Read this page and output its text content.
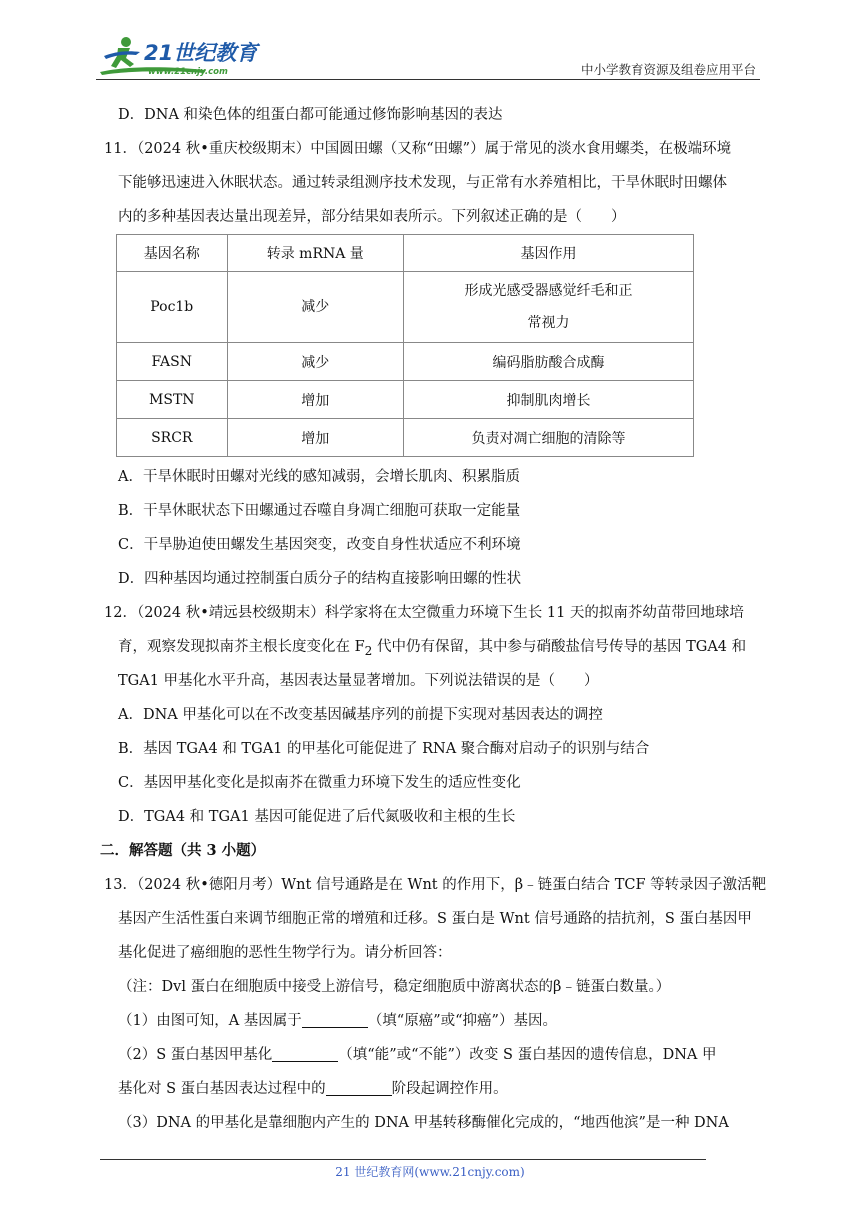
21世纪教育
www.21cnjy.com	中小学教育资源及组卷应用平台
D．DNA 和染色体的组蛋白都可能通过修饰影响基因的表达
11．（2024 秋•重庆校级期末）中国圆田螺（又称“田螺”）属于常见的淡水食用螺类，在极端环境
下能够迅速进入休眠状态。通过转录组测序技术发现，与正常有水养殖相比，干旱休眠时田螺体
内的多种基因表达量出现差异，部分结果如表所示。下列叙述正确的是（　　）
基因名称	转录 mRNA 量	基因作用
Poc1b	减少	形成光感受器感觉纤毛和正
常视力
FASN	减少	编码脂肪酸合成酶
MSTN	增加	抑制肌肉增长
SRCR	增加	负责对凋亡细胞的清除等
A．干旱休眠时田螺对光线的感知减弱，会增长肌肉、积累脂质
B．干旱休眠状态下田螺通过吞噬自身凋亡细胞可获取一定能量
C．干旱胁迫使田螺发生基因突变，改变自身性状适应不利环境
D．四种基因均通过控制蛋白质分子的结构直接影响田螺的性状
12．（2024 秋•靖远县校级期末）科学家将在太空微重力环境下生长 11 天的拟南芥幼苗带回地球培
育，观察发现拟南芥主根长度变化在 $F_2$ 代中仍有保留，其中参与硝酸盐信号传导的基因 TGA4 和
TGA1 甲基化水平升高，基因表达量显著增加。下列说法错误的是（　　）
A．DNA 甲基化可以在不改变基因碱基序列的前提下实现对基因表达的调控
B．基因 TGA4 和 TGA1 的甲基化可能促进了 RNA 聚合酶对启动子的识别与结合
C．基因甲基化变化是拟南芥在微重力环境下发生的适应性变化
D．TGA4 和 TGA1 基因可能促进了后代氮吸收和主根的生长
二．解答题（共 3 小题）
13．（2024 秋•德阳月考）Wnt 信号通路是在 Wnt 的作用下，β﹣链蛋白结合 TCF 等转录因子激活靶
基因产生活性蛋白来调节细胞正常的增殖和迁移。S 蛋白是 Wnt 信号通路的拮抗剂，S 蛋白基因甲
基化促进了癌细胞的恶性生物学行为。请分析回答：
（注：Dvl 蛋白在细胞质中接受上游信号，稳定细胞质中游离状态的β﹣链蛋白数量。）
（1）由图可知，A 基因属于	（填“原癌”或“抑癌”）基因。
（2）S 蛋白基因甲基化	（填“能”或“不能”）改变 S 蛋白基因的遗传信息，DNA 甲
基化对 S 蛋白基因表达过程中的	阶段起调控作用。
（3）DNA 的甲基化是靠细胞内产生的 DNA 甲基转移酶催化完成的，“地西他滨”是一种 DNA
21 世纪教育网(www.21cnjy.com)
